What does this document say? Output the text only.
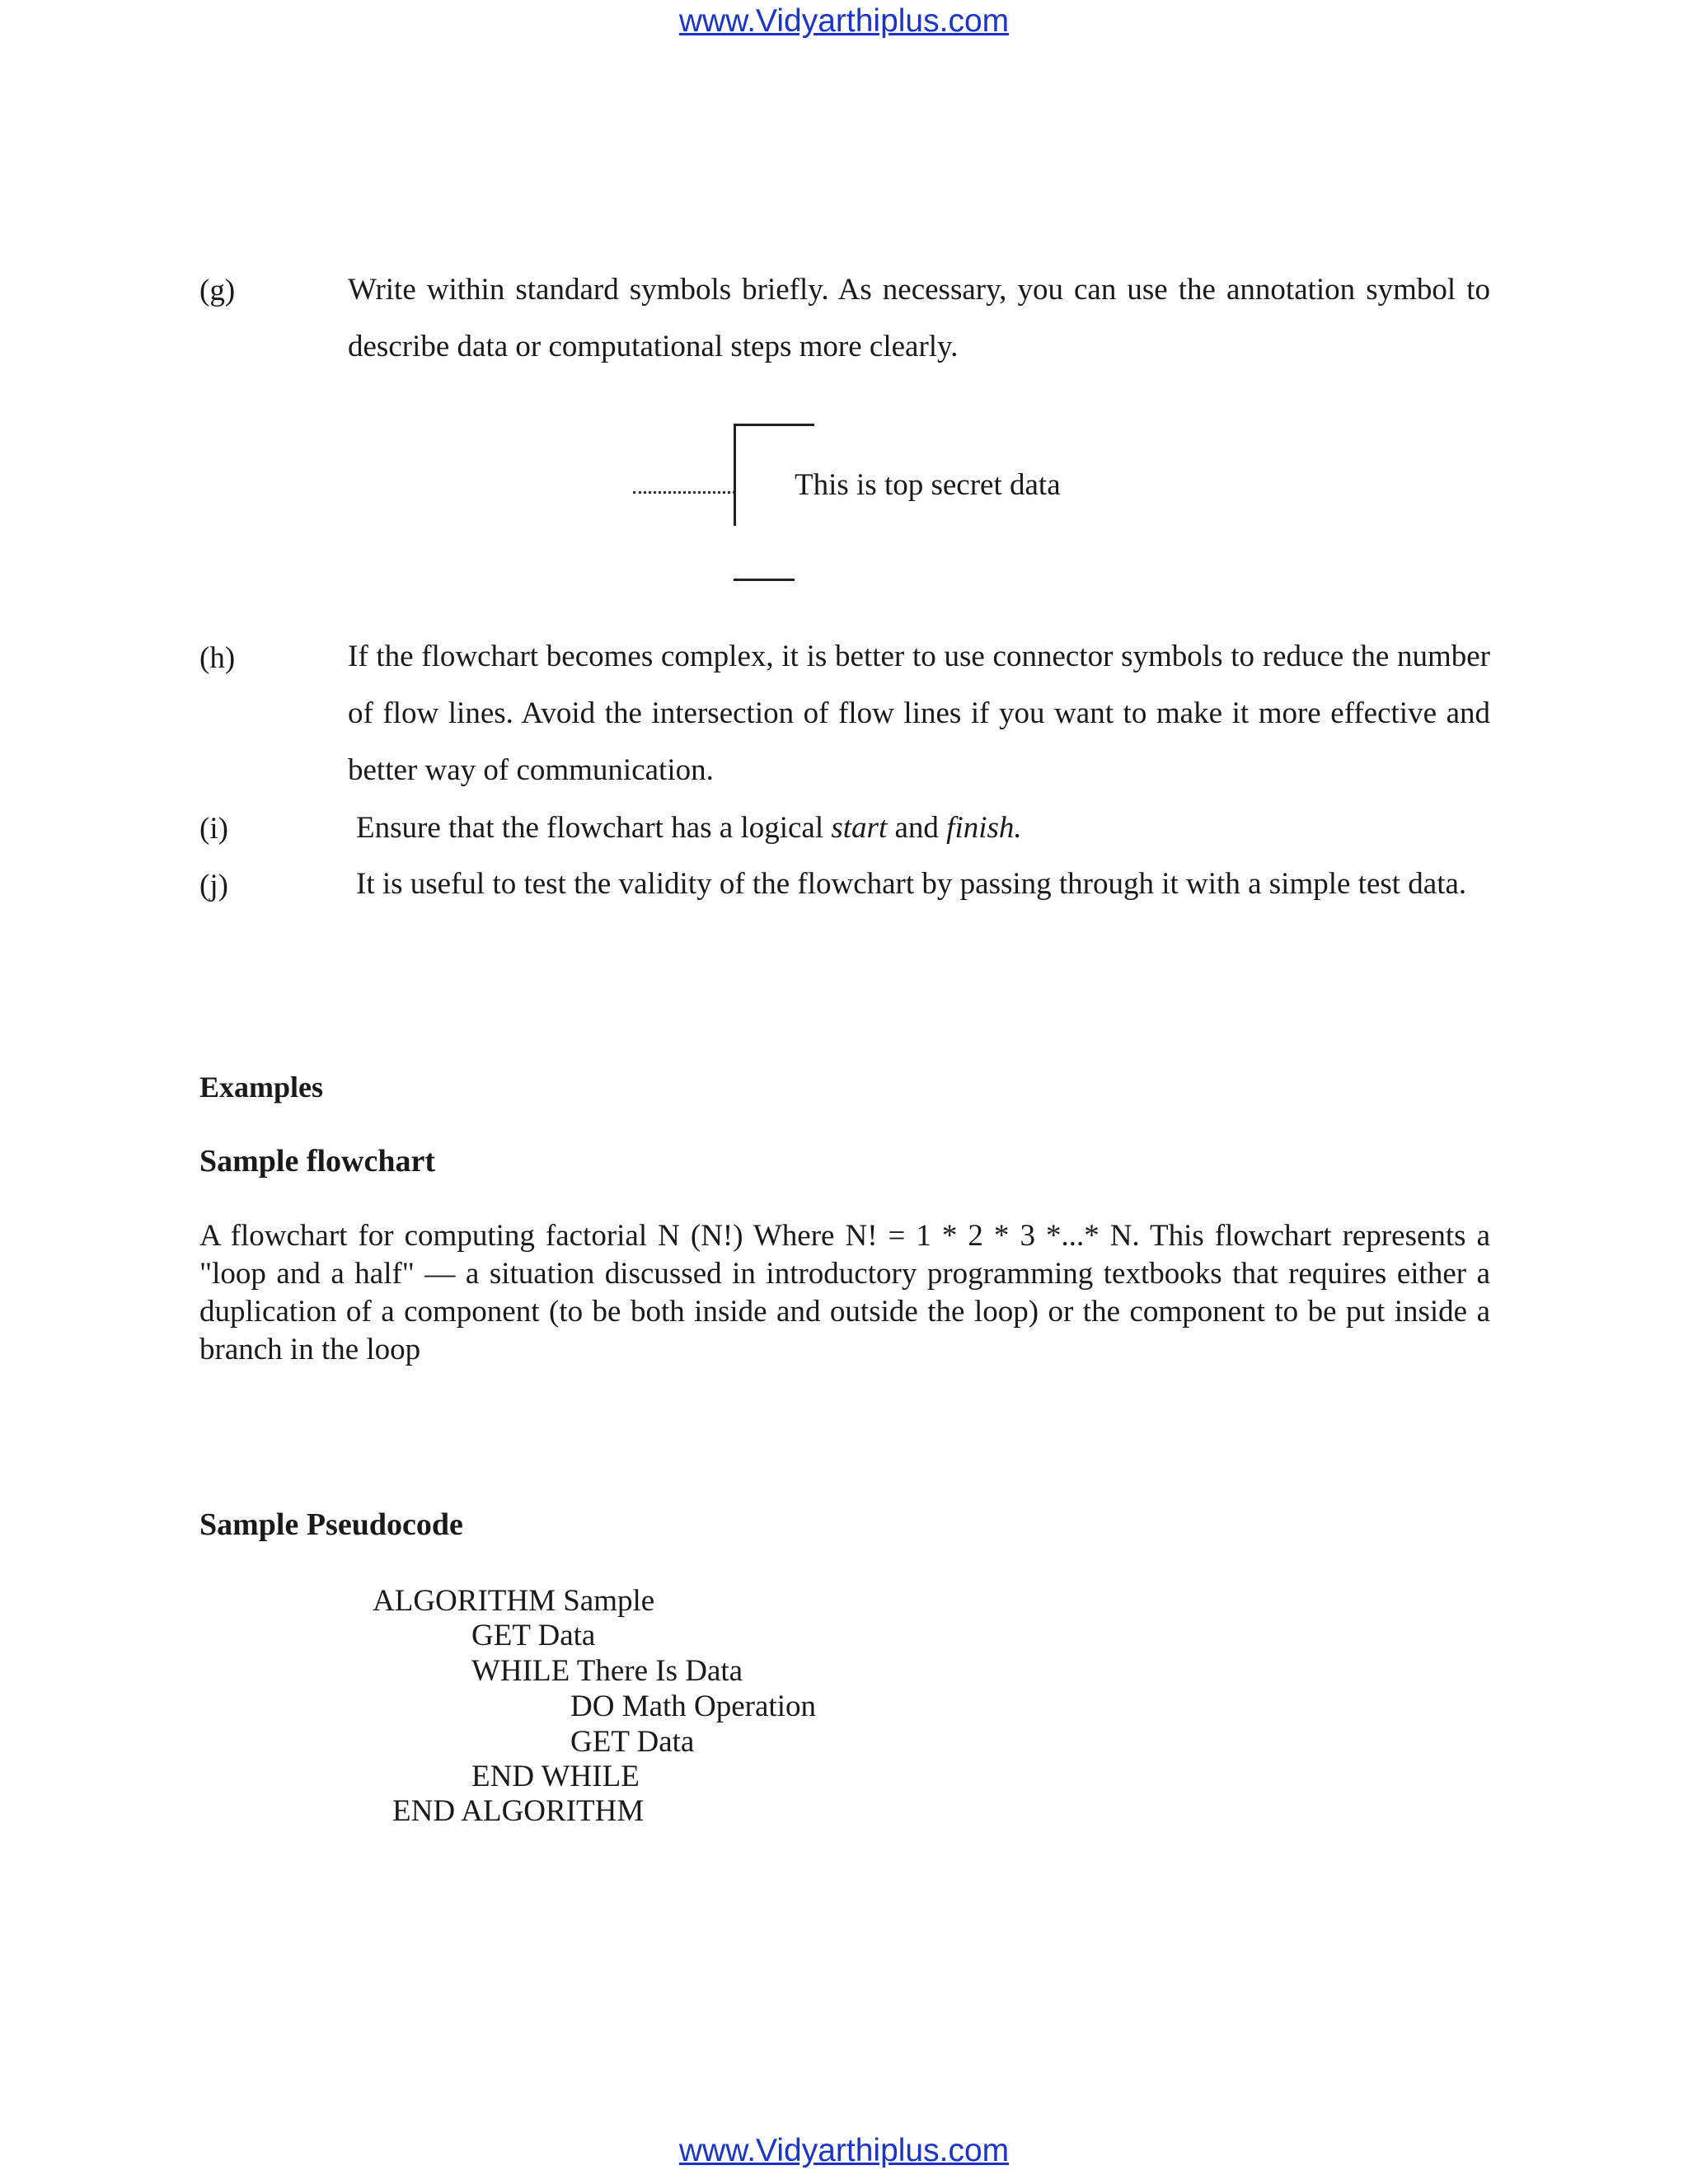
www.Vidyarthiplus.com
(g)	Write within standard symbols briefly. As necessary, you can use the annotation symbol to describe data or computational steps more clearly.

This is top secret data
(h)	If the flowchart becomes complex, it is better to use connector symbols to reduce the number of flow lines. Avoid the intersection of flow lines if you want to make it more effective and better way of communication.

(i)	Ensure that the flowchart has a logical start and finish.

(j)	It is useful to test the validity of the flowchart by passing through it with a simple test data.

Examples
Sample flowchart

A flowchart for computing factorial N (N!) Where N! = 1 * 2 * 3 *...* N. This flowchart represents a "loop and a half" — a situation discussed in introductory programming textbooks that requires either a duplication of a component (to be both inside and outside the loop) or the component to be put inside a branch in the loop

Sample Pseudocode
ALGORITHM Sample
GET Data
WHILE There Is Data
DO Math Operation
GET Data
END WHILE
END ALGORITHM
www.Vidyarthiplus.com
